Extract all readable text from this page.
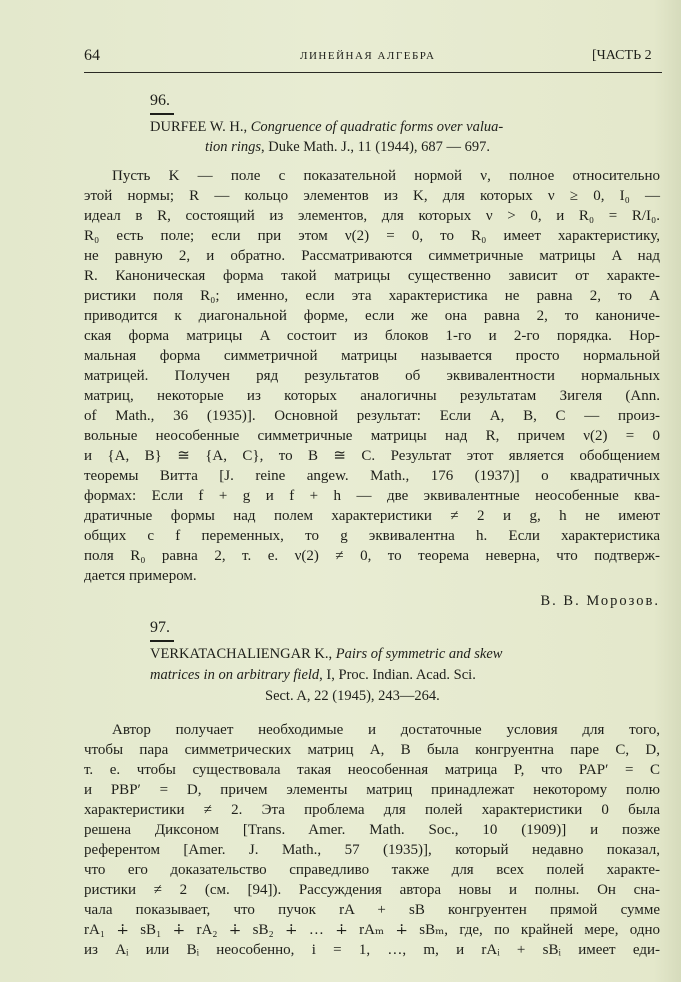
64	ЛИНЕЙНАЯ АЛГЕБРА	[ЧАСТЬ 2
96.
DURFEE W. H., Congruence of quadratic forms over valua-
tion rings, Duke Math. J., 11 (1944), 687 — 697.
Пусть K — поле с показательной нормой ν, полное относительно
этой нормы; R — кольцо элементов из K, для которых ν ≥ 0, I₀ —
идеал в R, состоящий из элементов, для которых ν > 0, и R₀ = R/I₀.
R₀ есть поле; если при этом ν(2) = 0, то R₀ имеет характеристику,
не равную 2, и обратно. Рассматриваются симметричные матрицы A над
R. Каноническая форма такой матрицы существенно зависит от характе-
ристики поля R₀; именно, если эта характеристика не равна 2, то A
приводится к диагональной форме, если же она равна 2, то канониче-
ская форма матрицы A состоит из блоков 1-го и 2-го порядка. Нор-
мальная форма симметричной матрицы называется просто нормальной
матрицей. Получен ряд результатов об эквивалентности нормальных
матриц, некоторые из которых аналогичны результатам Зигеля (Ann.
of Math., 36 (1935)]. Основной результат: Если A, B, C — произ-
вольные неособенные симметричные матрицы над R, причем ν(2) = 0
и {A, B} ≅ {A, C}, то B ≅ C. Результат этот является обобщением
теоремы Витта [J. reine angew. Math., 176 (1937)] о квадратичных
формах: Если f + g и f + h — две эквивалентные неособенные ква-
дратичные формы над полем характеристики ≠ 2 и g, h не имеют
общих с f переменных, то g эквивалентна h. Если характеристика
поля R₀ равна 2, т. е. ν(2) ≠ 0, то теорема неверна, что подтверж-
дается примером.
В. В. Морозов.
97.
VERKATACHALIENGAR K., Pairs of symmetric and skew
matrices in on arbitrary field, I, Proc. Indian. Acad. Sci.
Sect. A, 22 (1945), 243—264.
Автор получает необходимые и достаточные условия для того,
чтобы пара симметрических матриц A, B была конгруентна паре C, D,
т. е. чтобы существовала такая неособенная матрица P, что PAP′ = C
и PBP′ = D, причем элементы матриц принадлежат некоторому полю
характеристики ≠ 2. Эта проблема для полей характеристики 0 была
решена Диксоном [Trans. Amer. Math. Soc., 10 (1909)] и позже
референтом [Amer. J. Math., 57 (1935)], который недавно показал,
что его доказательство справедливо также для всех полей характе-
ристики ≠ 2 (см. [94]). Рассуждения автора новы и полны. Он сна-
чала показывает, что пучок rA + sB конгруентен прямой сумме
rA₁ ∔ sB₁ ∔ rA₂ ∔ sB₂ ∔ … ∔ rAₘ ∔ sBₘ, где, по крайней мере, одно
из Aᵢ или Bᵢ неособенно, i = 1, …, m, и rAᵢ + sBᵢ имеет еди-
